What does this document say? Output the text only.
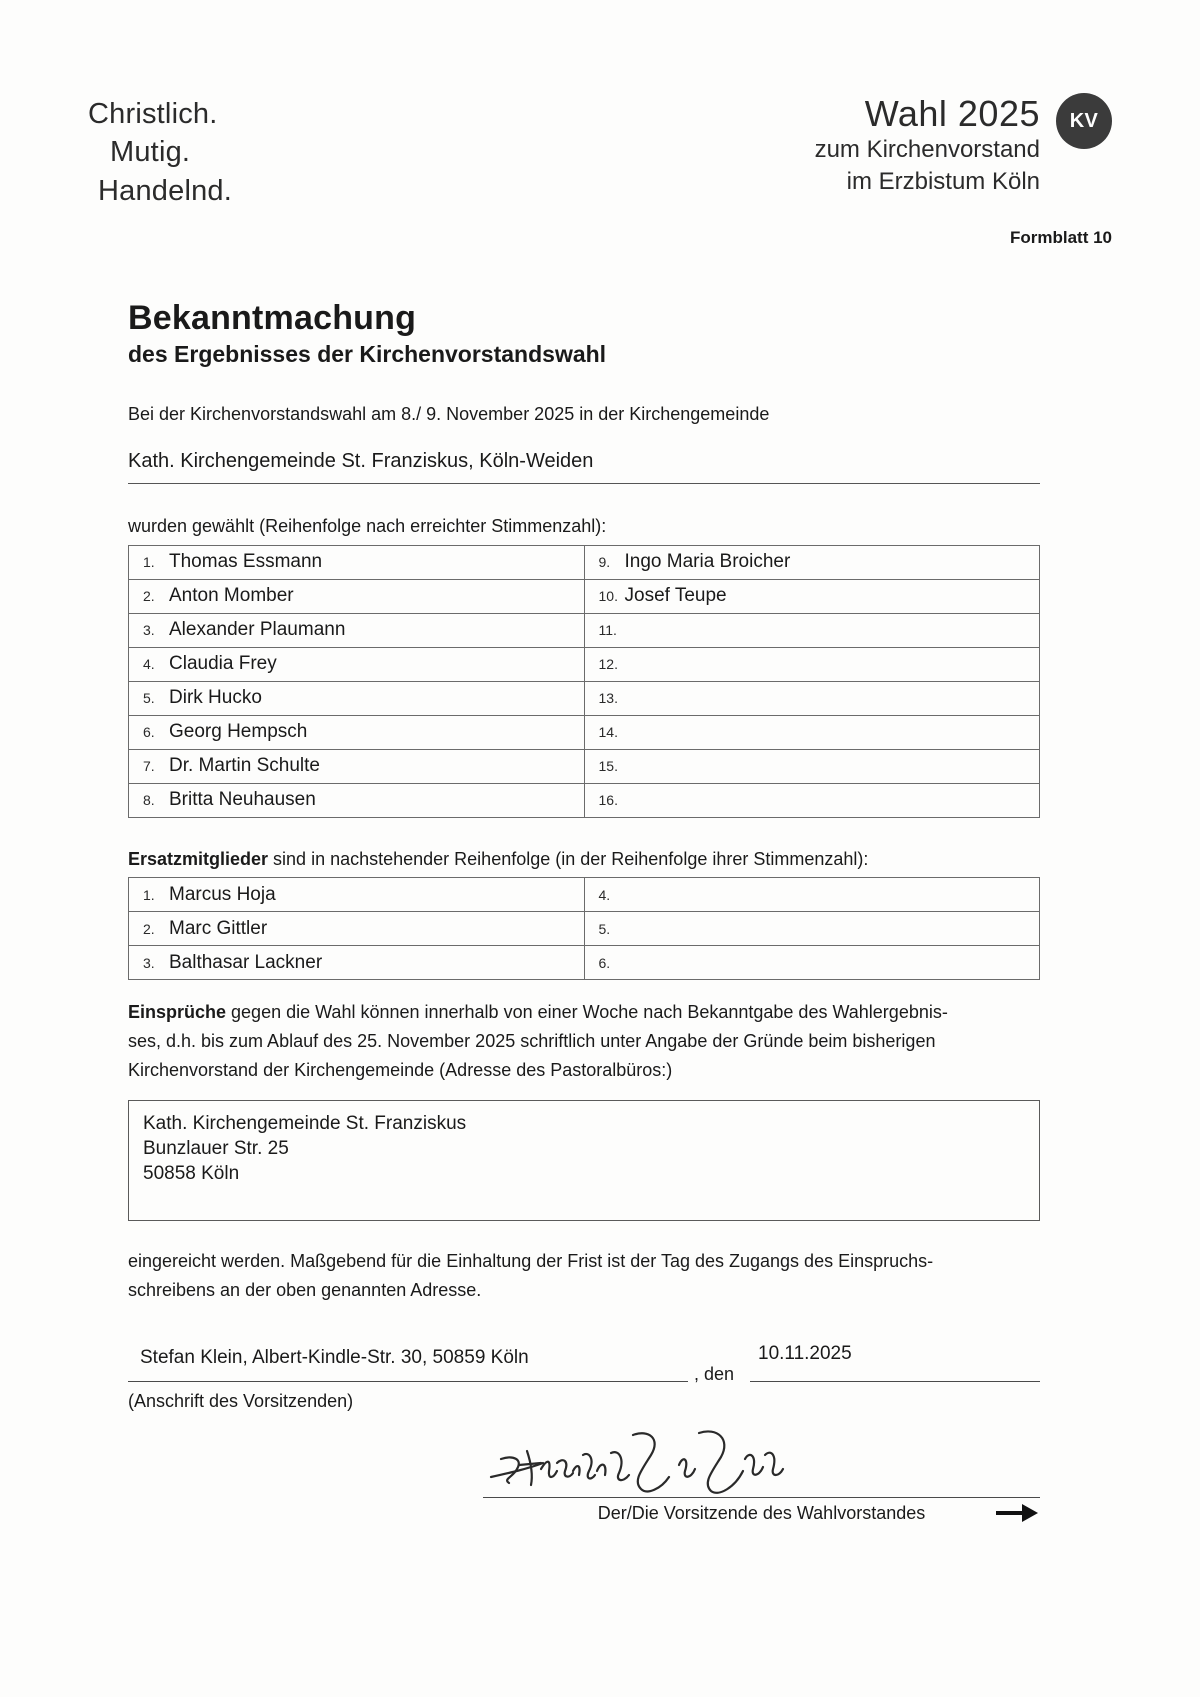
Christlich.
Mutig.
Handelnd.
Wahl 2025
zum Kirchenvorstand
im Erzbistum Köln
KV
Formblatt 10
Bekanntmachung
des Ergebnisses der Kirchenvorstandswahl
Bei der Kirchenvorstandswahl am 8./ 9. November 2025 in der Kirchengemeinde
Kath. Kirchengemeinde St. Franziskus, Köln-Weiden
wurden gewählt (Reihenfolge nach erreichter Stimmenzahl):
1. Thomas Essmann	9. Ingo Maria Broicher
2. Anton Momber	10. Josef Teupe
3. Alexander Plaumann	11.
4. Claudia Frey	12.
5. Dirk Hucko	13.
6. Georg Hempsch	14.
7. Dr. Martin Schulte	15.
8. Britta Neuhausen	16.
Ersatzmitglieder sind in nachstehender Reihenfolge (in der Reihenfolge ihrer Stimmenzahl):
1. Marcus Hoja	4.
2. Marc Gittler	5.
3. Balthasar Lackner	6.
Einsprüche gegen die Wahl können innerhalb von einer Woche nach Bekanntgabe des Wahlergebnis-
ses, d.h. bis zum Ablauf des 25. November 2025 schriftlich unter Angabe der Gründe beim bisherigen
Kirchenvorstand der Kirchengemeinde (Adresse des Pastoralbüros:)
Kath. Kirchengemeinde St. Franziskus
Bunzlauer Str. 25
50858 Köln
eingereicht werden. Maßgebend für die Einhaltung der Frist ist der Tag des Zugangs des Einspruchs-
schreibens an der oben genannten Adresse.
Stefan Klein, Albert-Kindle-Str. 30, 50859 Köln
, den
10.11.2025
(Anschrift des Vorsitzenden)
Der/Die Vorsitzende des Wahlvorstandes
